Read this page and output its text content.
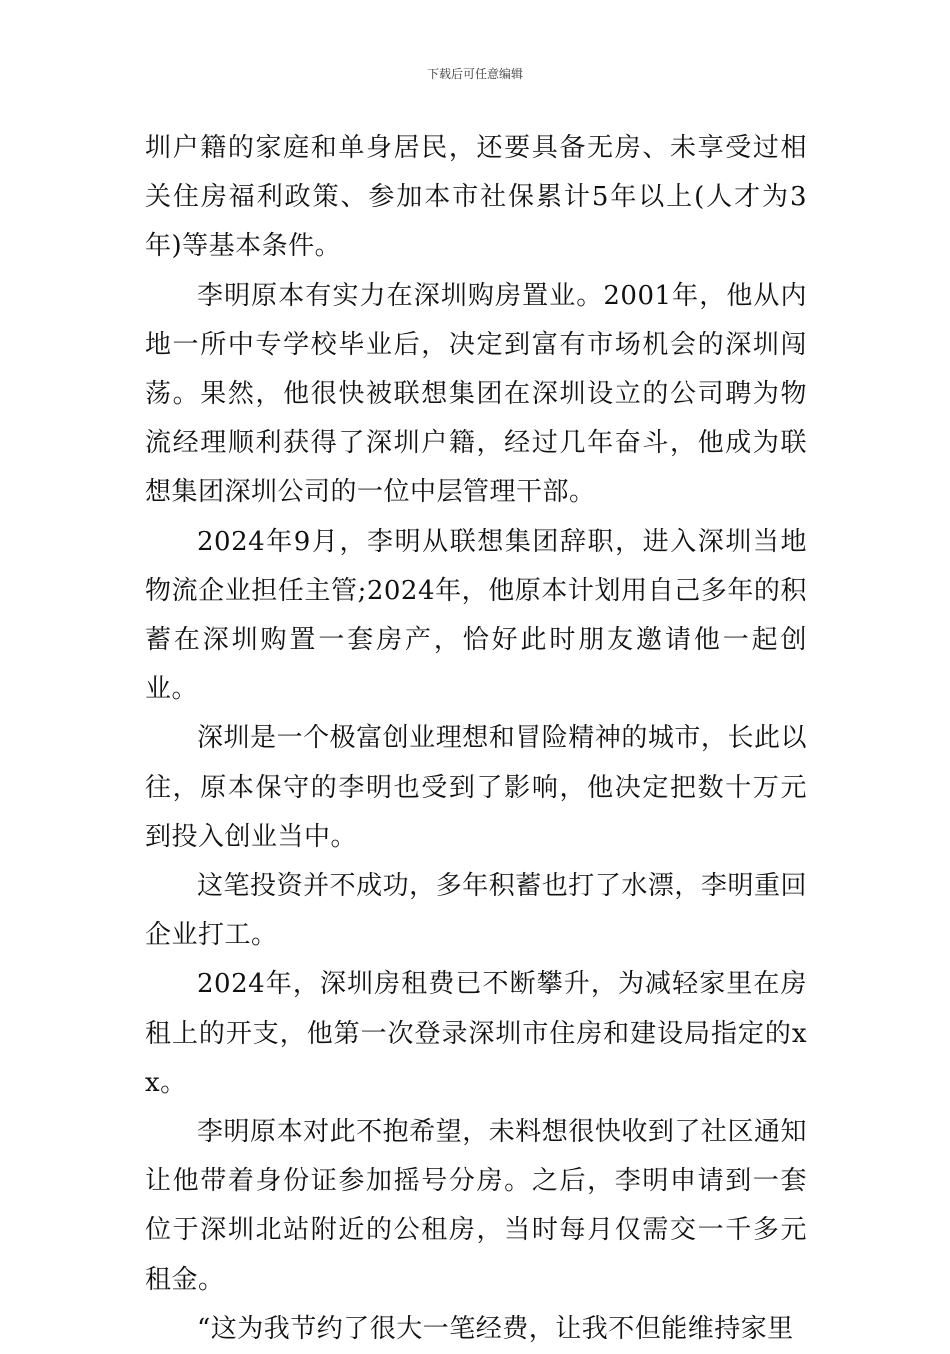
下载后可任意编辑

圳户籍的家庭和单身居民，还要具备无房、未享受过相关住房福利政策、参加本市社保累计5年以上(人才为3年)等基本条件。

李明原本有实力在深圳购房置业。2001年，他从内地一所中专学校毕业后，决定到富有市场机会的深圳闯荡。果然，他很快被联想集团在深圳设立的公司聘为物流经理顺利获得了深圳户籍，经过几年奋斗，他成为联想集团深圳公司的一位中层管理干部。

2024年9月，李明从联想集团辞职，进入深圳当地物流企业担任主管;2024年，他原本计划用自己多年的积蓄在深圳购置一套房产，恰好此时朋友邀请他一起创业。

深圳是一个极富创业理想和冒险精神的城市，长此以往，原本保守的李明也受到了影响，他决定把数十万元到投入创业当中。

这笔投资并不成功，多年积蓄也打了水漂，李明重回企业打工。

2024年，深圳房租费已不断攀升，为减轻家里在房租上的开支，他第一次登录深圳市住房和建设局指定的xx。

李明原本对此不抱希望，未料想很快收到了社区通知让他带着身份证参加摇号分房。之后，李明申请到一套位于深圳北站附近的公租房，当时每月仅需交一千多元租金。

“这为我节约了很大一笔经费，让我不但能维持家里
